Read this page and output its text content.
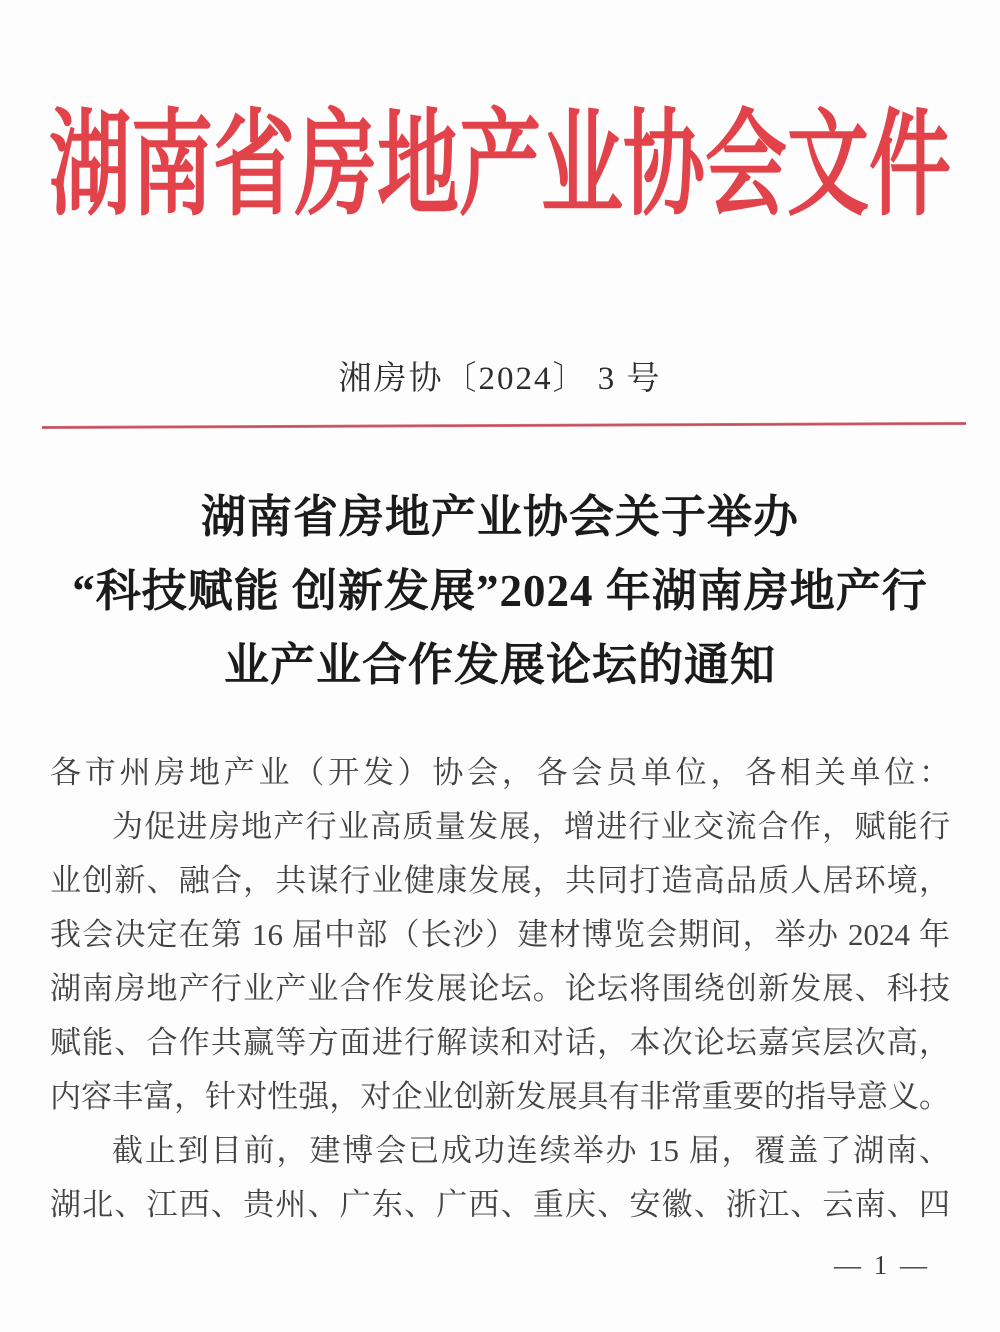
湖南省房地产业协会文件
湘房协〔2024〕 3 号
湖南省房地产业协会关于举办
“科技赋能 创新发展”2024 年湖南房地产行
业产业合作发展论坛的通知
各市州房地产业（开发）协会，各会员单位，各相关单位：
为促进房地产行业高质量发展，增进行业交流合作，赋能行
业创新、融合，共谋行业健康发展，共同打造高品质人居环境，
我会决定在第 16 届中部（长沙）建材博览会期间，举办 2024 年
湖南房地产行业产业合作发展论坛。论坛将围绕创新发展、科技
赋能、合作共赢等方面进行解读和对话，本次论坛嘉宾层次高，
内容丰富，针对性强，对企业创新发展具有非常重要的指导意义。
截止到目前，建博会已成功连续举办 15 届，覆盖了湖南、
湖北、江西、贵州、广东、广西、重庆、安徽、浙江、云南、四
— 1 —
